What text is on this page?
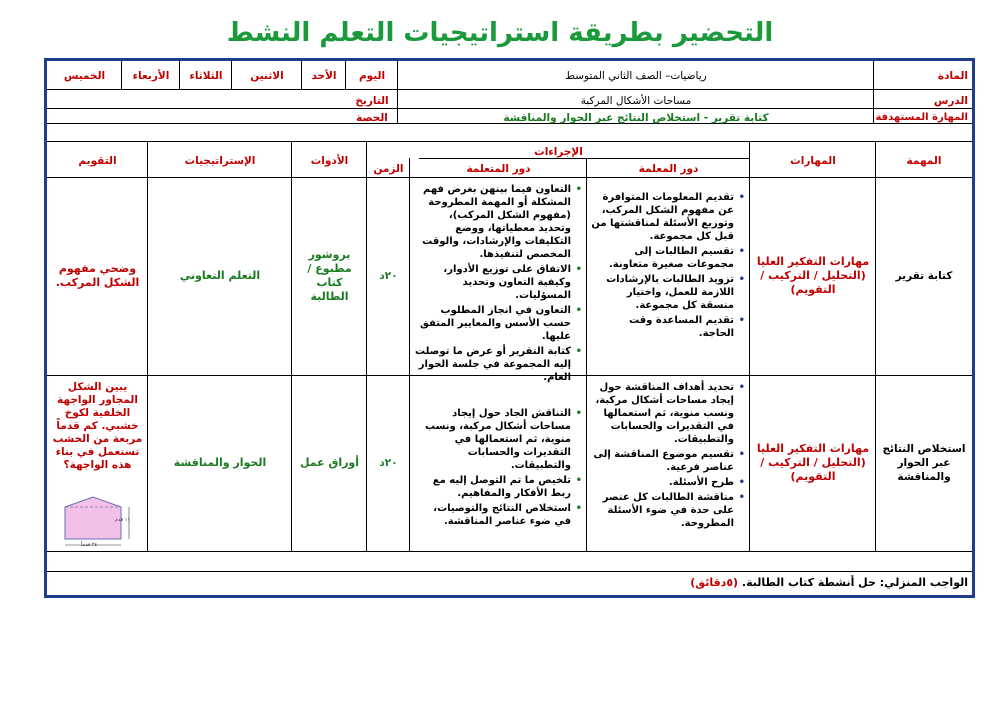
التحضير بطريقة استراتيجيات التعلم النشط
المادة
رياضيات– الصف الثاني المتوسط
اليوم
الأحد
الاثنين
الثلاثاء
الأربعاء
الخميس
الدرس
مساحات الأشكال المركبة
التاريخ
المهارة المستهدفة
كتابة تقرير - استخلاص النتائج عبر الحوار والمناقشة
الحصة
المهمة
المهارات
الإجراءات
دور المعلمة
دور المتعلمة
الزمن
الأدوات
الإستراتيجيات
التقويم
كتابة تقرير
مهارات التفكير العليا (التحليل / التركيب / التقويم)
• تقديم المعلومات المتوافرة عن مفهوم الشكل المركب، وتوزيع الأسئلة لمناقشتها من قبل كل مجموعة.
• تقسيم الطالبات إلى مجموعات صغيرة متعاونة.
• تزويد الطالبات بالإرشادات اللازمة للعمل، واختيار منسقة كل مجموعة.
• تقديم المساعدة وقت الحاجة.
• التعاون فيما بينهن بغرض فهم المشكلة أو المهمة المطروحة (مفهوم الشكل المركب)، وتحديد معطياتها، ووضع التكليفات والإرشادات، والوقت المخصص لتنفيذها.
• الاتفاق على توزيع الأدوار، وكيفية التعاون وتحديد المسؤليات.
• التعاون في انجاز المطلوب حسب الأسس والمعايير المتفق عليها.
• كتابة التقرير أو عرض ما توصلت إليه المجموعة في جلسة الحوار العام.
٢٠د
بروشور مطبوع / كتاب الطالبة
التعلم التعاوني
وضحي مفهوم الشكل المركب.
استخلاص النتائج عبر الحوار والمناقشة
مهارات التفكير العليا (التحليل / التركيب / التقويم)
• تحديد أهداف المناقشة حول إيجاد مساحات أشكال مركبة، ونسب منوية، ثم استعمالها في التقديرات والحسابات والتطبيقات.
• تقسيم موضوع المناقشة إلى عناصر فرعية.
• طرح الأسئلة.
• مناقشة الطالبات كل عنصر على حدة في ضوء الأسئلة المطروحة.
• التناقش الجاد حول إيجاد مساحات أشكال مركبة، ونسب منوية، ثم استعمالها في التقديرات والحسابات والتطبيقات.
• تلخيص ما تم التوصل إليه مع ربط الأفكار والمفاهيم.
• استخلاص النتائج والتوصيات، في ضوء عناصر المناقشة.
٢٠د
أوراق عمل
الحوار والمناقشة
يبين الشكل المجاور الواجهة الخلفية لكوخ خشبي. كم قدماً مربعة من الخشب تستعمل في بناء هذه الواجهة؟
١١ قدم
٢٤ قدماً
الواجب المنزلي: حل أنشطة كتاب الطالبة. (٥دقائق)
